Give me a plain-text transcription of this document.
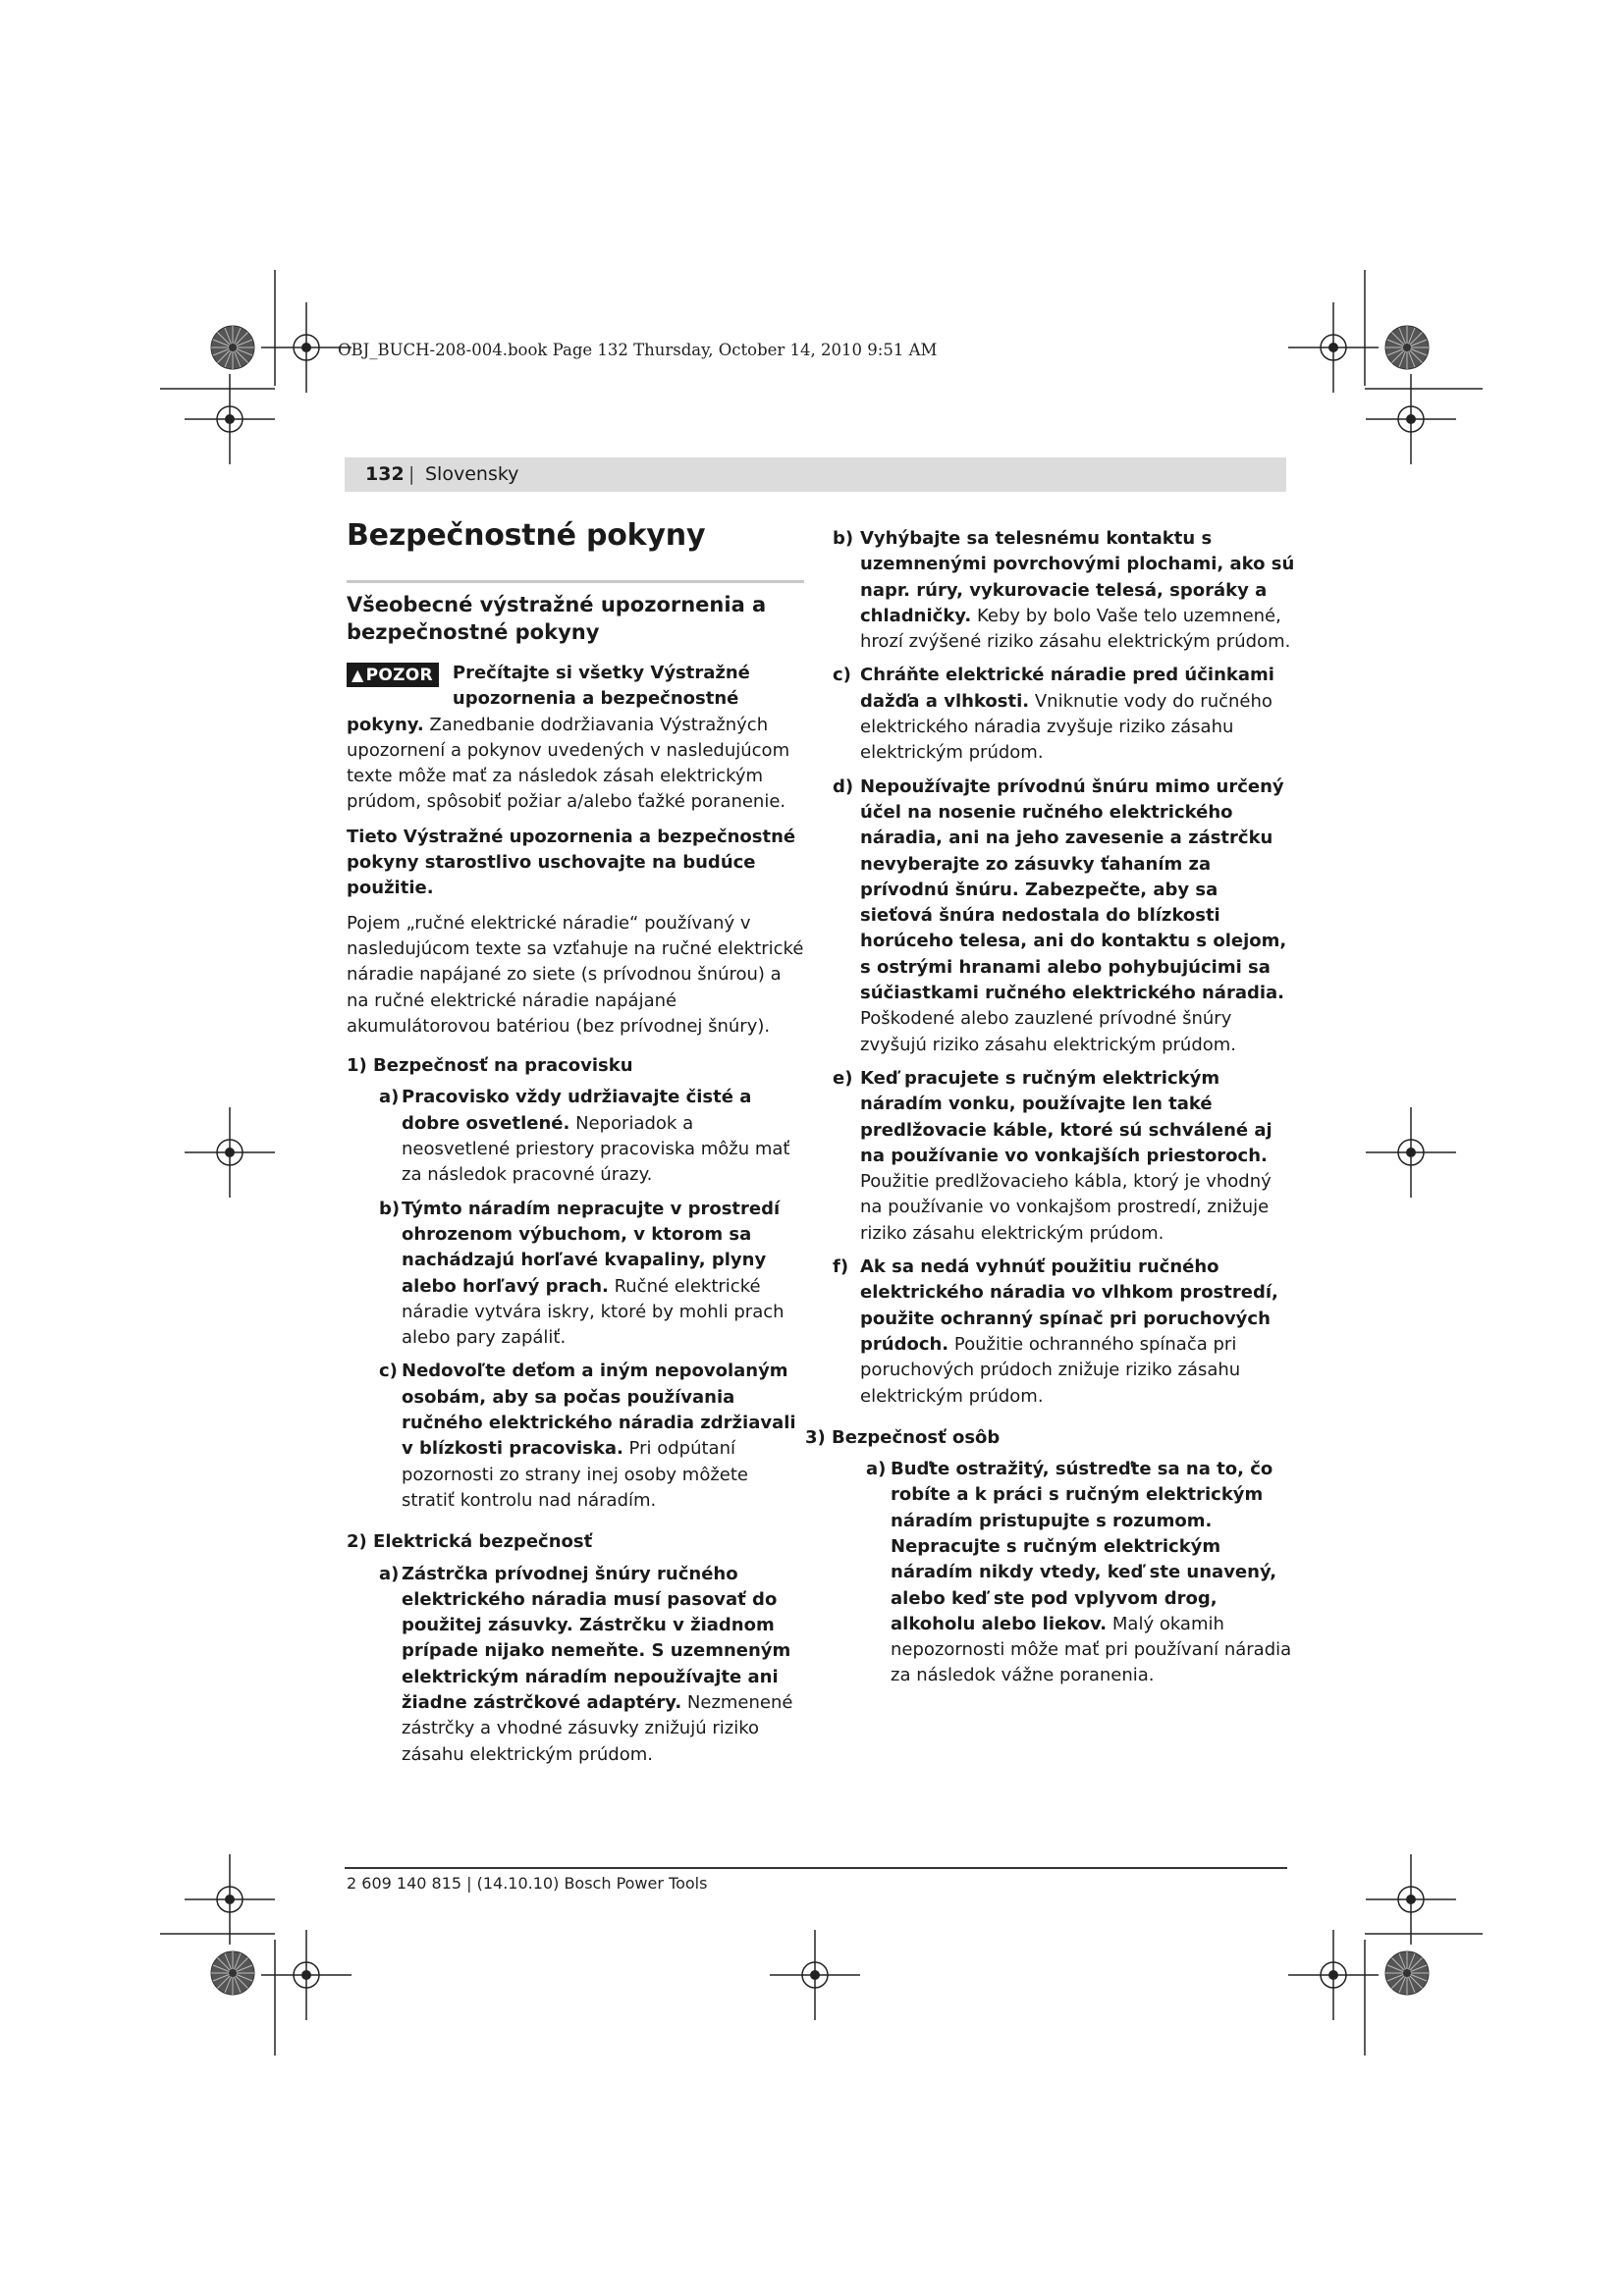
OBJ_BUCH-208-004.book Page 132 Thursday, October 14, 2010 9:51 AM
132 | Slovensky
Bezpečnostné pokyny
Všeobecné výstražné upozornenia a bezpečnostné pokyny

▲ POZOR	Prečítajte si všetky Výstražné upozornenia a bezpečnostné pokyny. Zanedbanie dodržiavania Výstražných upozornení a pokynov uvedených v nasledujúcom texte môže mať za následok zásah elektrickým prúdom, spôsobiť požiar a/alebo ťažké poranenie.

Tieto Výstražné upozornenia a bezpečnostné pokyny starostlivo uschovajte na budúce použitie.

Pojem „ručné elektrické náradie“ používaný v nasledujúcom texte sa vzťahuje na ručné elektrické náradie napájané zo siete (s prívodnou šnúrou) a na ručné elektrické náradie napájané akumulátorovou batériou (bez prívodnej šnúry).

1) Bezpečnosť na pracovisku
a) Pracovisko vždy udržiavajte čisté a dobre osvetlené. Neporiadok a neosvetlené priestory pracoviska môžu mať za následok pracovné úrazy.
b) Týmto náradím nepracujte v prostredí ohrozenom výbuchom, v ktorom sa nachádzajú horľavé kvapaliny, plyny alebo horľavý prach. Ručné elektrické náradie vytvára iskry, ktoré by mohli prach alebo pary zapáliť.
c) Nedovoľte deťom a iným nepovolaným osobám, aby sa počas používania ručného elektrického náradia zdržiavali v blízkosti pracoviska. Pri odpútaní pozornosti zo strany inej osoby môžete stratiť kontrolu nad náradím.
2) Elektrická bezpečnosť
a) Zástrčka prívodnej šnúry ručného elektrického náradia musí pasovať do použitej zásuvky. Zástrčku v žiadnom prípade nijako nemeňte. S uzemneným elektrickým náradím nepoužívajte ani žiadne zástrčkové adaptéry. Nezmenené zástrčky a vhodné zásuvky znižujú riziko zásahu elektrickým prúdom.
b) Vyhýbajte sa telesnému kontaktu s uzemnenými povrchovými plochami, ako sú napr. rúry, vykurovacie telesá, sporáky a chladničky. Keby by bolo Vaše telo uzemnené, hrozí zvýšené riziko zásahu elektrickým prúdom.
c) Chráňte elektrické náradie pred účinkami dažďa a vlhkosti. Vniknutie vody do ručného elektrického náradia zvyšuje riziko zásahu elektrickým prúdom.
d) Nepoužívajte prívodnú šnúru mimo určený účel na nosenie ručného elektrického náradia, ani na jeho zavesenie a zástrčku nevyberajte zo zásuvky ťahaním za prívodnú šnúru. Zabezpečte, aby sa sieťová šnúra nedostala do blízkosti horúceho telesa, ani do kontaktu s olejom, s ostrými hranami alebo pohybujúcimi sa súčiastkami ručného elektrického náradia. Poškodené alebo zauzlené prívodné šnúry zvyšujú riziko zásahu elektrickým prúdom.
e) Keď pracujete s ručným elektrickým náradím vonku, používajte len také predlžovacie káble, ktoré sú schválené aj na používanie vo vonkajších priestoroch. Použitie predlžovacieho kábla, ktorý je vhodný na používanie vo vonkajšom prostredí, znižuje riziko zásahu elektrickým prúdom.
f) Ak sa nedá vyhnúť použitiu ručného elektrického náradia vo vlhkom prostredí, použite ochranný spínač pri poruchových prúdoch. Použitie ochranného spínača pri poruchových prúdoch znižuje riziko zásahu elektrickým prúdom.
3) Bezpečnosť osôb
a) Buďte ostražitý, sústreďte sa na to, čo robíte a k práci s ručným elektrickým náradím pristupujte s rozumom. Nepracujte s ručným elektrickým náradím nikdy vtedy, keď ste unavený, alebo keď ste pod vplyvom drog, alkoholu alebo liekov. Malý okamih nepozornosti môže mať pri používaní náradia za následok vážne poranenia.
2 609 140 815 | (14.10.10) Bosch Power Tools
